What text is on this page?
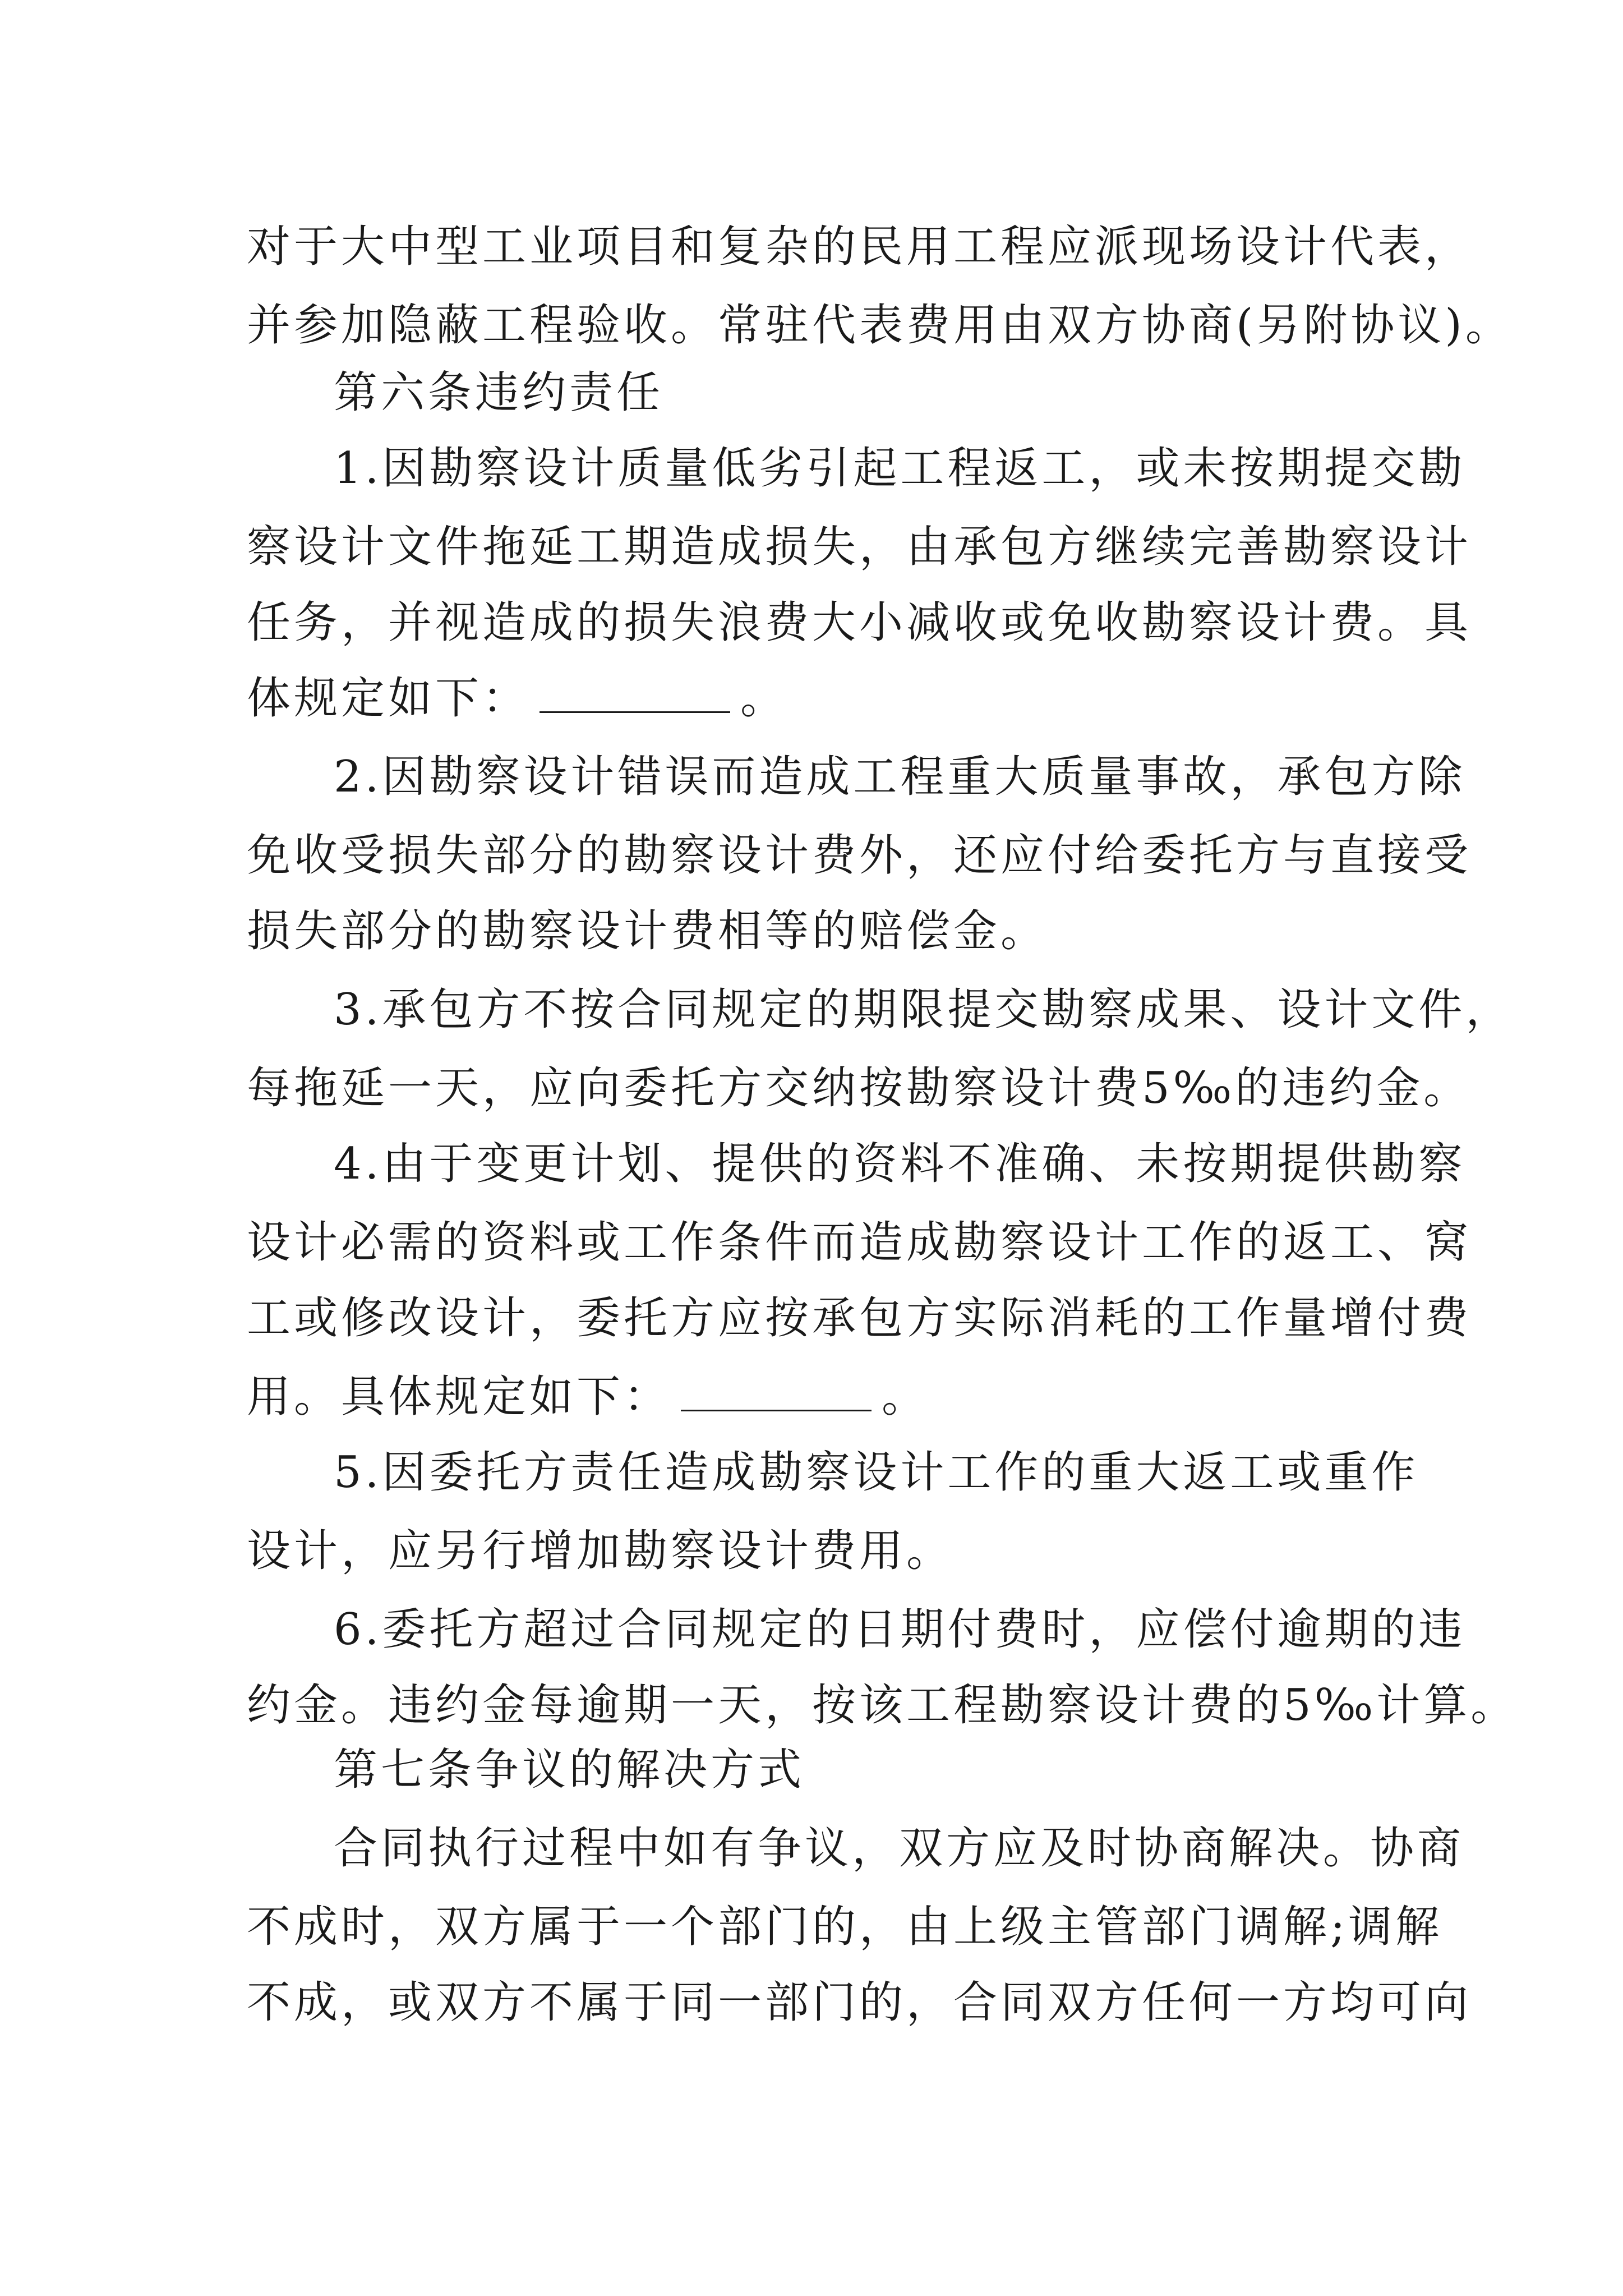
对于大中型工业项目和复杂的民用工程应派现场设计代表，
并参加隐蔽工程验收。常驻代表费用由双方协商(另附协议)。
第六条违约责任
1.因勘察设计质量低劣引起工程返工，或未按期提交勘
察设计文件拖延工期造成损失，由承包方继续完善勘察设计
任务，并视造成的损失浪费大小减收或免收勘察设计费。具
体规定如下：	。
2.因勘察设计错误而造成工程重大质量事故，承包方除
免收受损失部分的勘察设计费外，还应付给委托方与直接受
损失部分的勘察设计费相等的赔偿金。
3.承包方不按合同规定的期限提交勘察成果、设计文件，
每拖延一天，应向委托方交纳按勘察设计费5‰的违约金。
4.由于变更计划、提供的资料不准确、未按期提供勘察
设计必需的资料或工作条件而造成勘察设计工作的返工、窝
工或修改设计，委托方应按承包方实际消耗的工作量增付费
用。具体规定如下：	。
5.因委托方责任造成勘察设计工作的重大返工或重作
设计，应另行增加勘察设计费用。
6.委托方超过合同规定的日期付费时，应偿付逾期的违
约金。违约金每逾期一天，按该工程勘察设计费的5‰计算。
第七条争议的解决方式
合同执行过程中如有争议，双方应及时协商解决。协商
不成时，双方属于一个部门的，由上级主管部门调解;调解
不成，或双方不属于同一部门的，合同双方任何一方均可向
